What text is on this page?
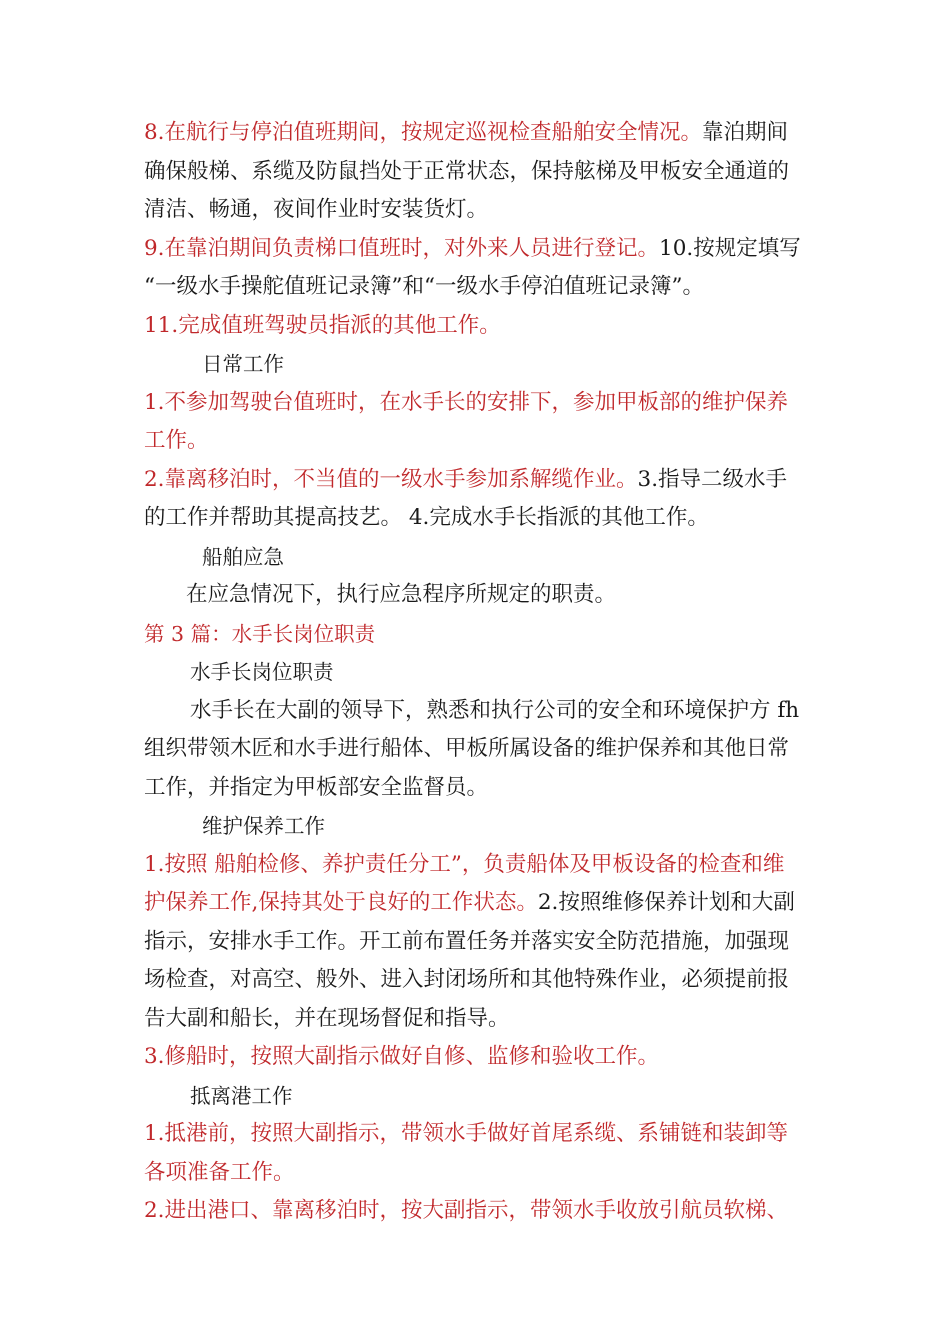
8.在航行与停泊值班期间，按规定巡视检查船舶安全情况。靠泊期间
确保般梯、系缆及防鼠挡处于正常状态，保持舷梯及甲板安全通道的
清洁、畅通，夜间作业时安装货灯。
9.在靠泊期间负责梯口值班时，对外来人员进行登记。10.按规定填写
“一级水手操舵值班记录簿”和“一级水手停泊值班记录簿”。
11.完成值班驾驶员指派的其他工作。
日常工作
1.不参加驾驶台值班时，在水手长的安排下，参加甲板部的维护保养
工作。
2.靠离移泊时，不当值的一级水手参加系解缆作业。3.指导二级水手
的工作并帮助其提高技艺。 4.完成水手长指派的其他工作。
船舶应急
在应急情况下，执行应急程序所规定的职责。
第 3 篇：水手长岗位职责
水手长岗位职责
水手长在大副的领导下，熟悉和执行公司的安全和环境保护方 fh
组织带领木匠和水手进行船体、甲板所属设备的维护保养和其他日常
工作，并指定为甲板部安全监督员。
维护保养工作
1.按照 船舶检修、养护责任分工”，负责船体及甲板设备的检查和维
护保养工作,保持其处于良好的工作状态。2.按照维修保养计划和大副
指示，安排水手工作。开工前布置任务并落实安全防范措施，加强现
场检查，对高空、般外、进入封闭场所和其他特殊作业，必须提前报
告大副和船长，并在现场督促和指导。
3.修船时，按照大副指示做好自修、监修和验收工作。
抵离港工作
1.抵港前，按照大副指示，带领水手做好首尾系缆、系铺链和装卸等
各项准备工作。
2.进出港口、靠离移泊时，按大副指示，带领水手收放引航员软梯、
